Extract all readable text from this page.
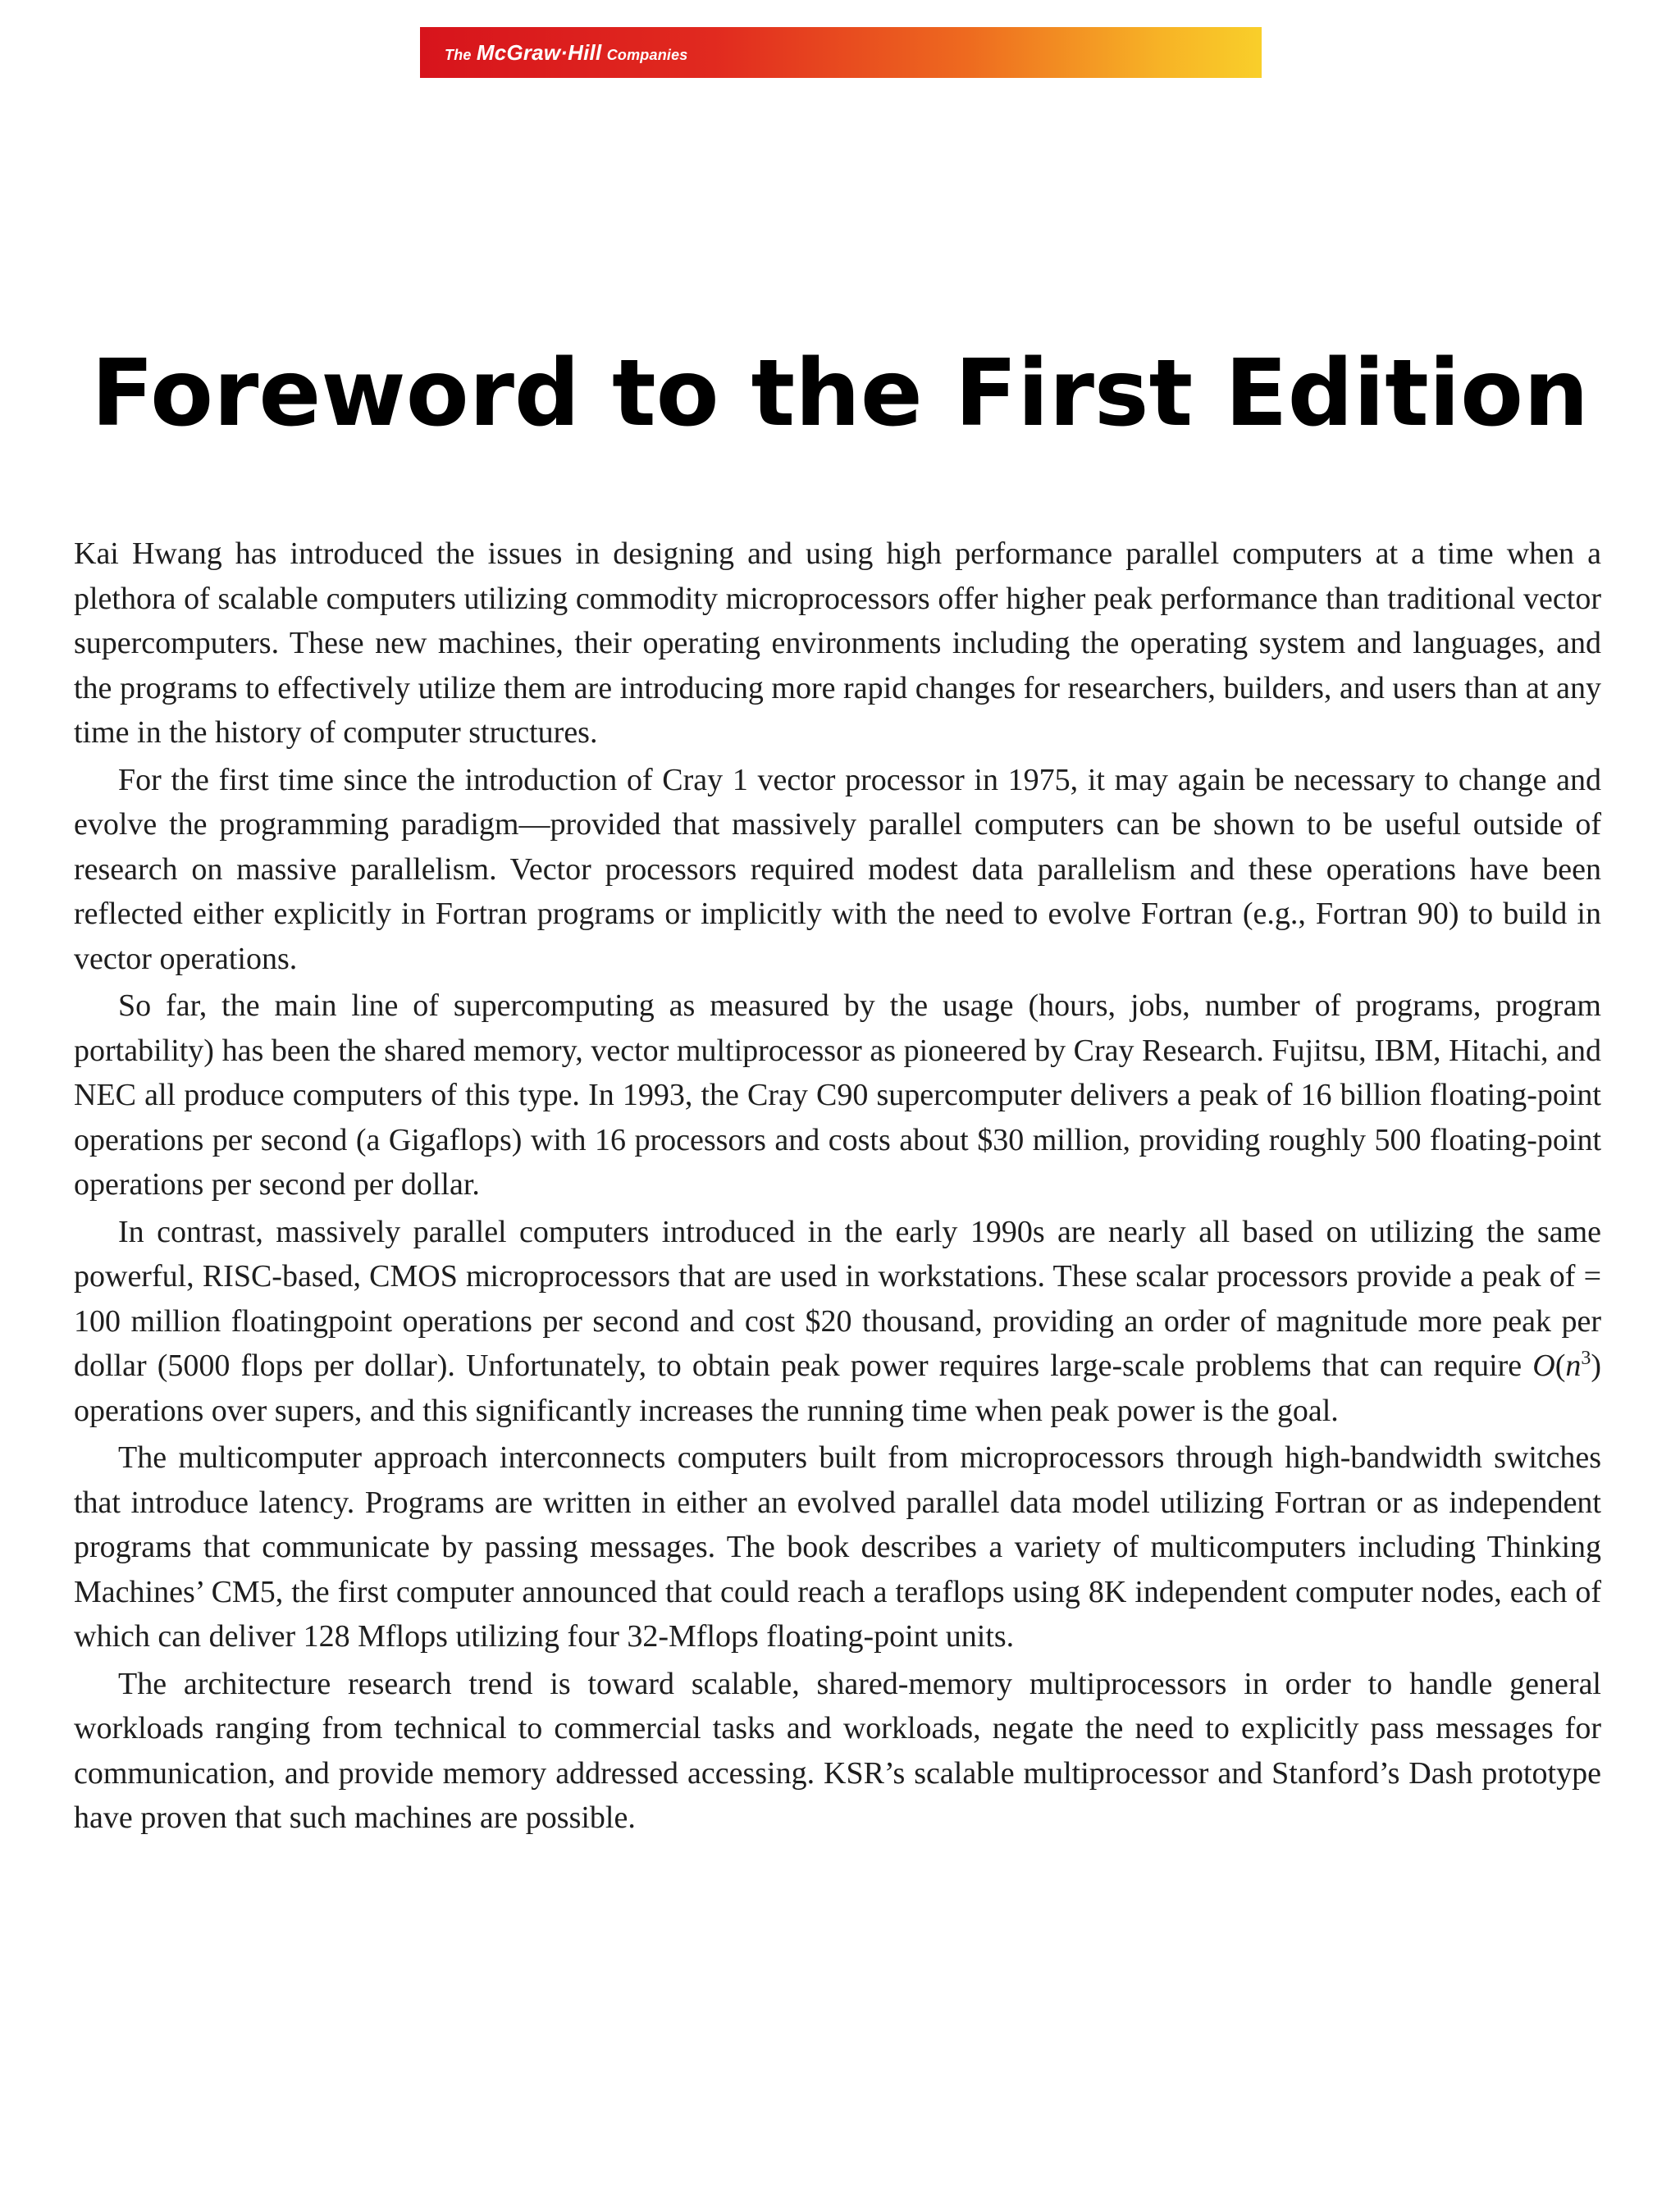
The McGraw·Hill Companies
Foreword to the First Edition

Kai Hwang has introduced the issues in designing and using high performance parallel computers at a time when a plethora of scalable computers utilizing commodity microprocessors offer higher peak performance than traditional vector supercomputers. These new machines, their operating environments including the operating system and languages, and the programs to effectively utilize them are introducing more rapid changes for researchers, builders, and users than at any time in the history of computer structures.

For the first time since the introduction of Cray 1 vector processor in 1975, it may again be necessary to change and evolve the programming paradigm—provided that massively parallel computers can be shown to be useful outside of research on massive parallelism. Vector processors required modest data parallelism and these operations have been reflected either explicitly in Fortran programs or implicitly with the need to evolve Fortran (e.g., Fortran 90) to build in vector operations.

So far, the main line of supercomputing as measured by the usage (hours, jobs, number of programs, program portability) has been the shared memory, vector multiprocessor as pioneered by Cray Research. Fujitsu, IBM, Hitachi, and NEC all produce computers of this type. In 1993, the Cray C90 supercomputer delivers a peak of 16 billion floating-point operations per second (a Gigaflops) with 16 processors and costs about $30 million, providing roughly 500 floating-point operations per second per dollar.

In contrast, massively parallel computers introduced in the early 1990s are nearly all based on utilizing the same powerful, RISC-based, CMOS microprocessors that are used in workstations. These scalar processors provide a peak of = 100 million floatingpoint operations per second and cost $20 thousand, providing an order of magnitude more peak per dollar (5000 flops per dollar). Unfortunately, to obtain peak power requires large-scale problems that can require $O(n^3)$ operations over supers, and this significantly increases the running time when peak power is the goal.

The multicomputer approach interconnects computers built from microprocessors through high-bandwidth switches that introduce latency. Programs are written in either an evolved parallel data model utilizing Fortran or as independent programs that communicate by passing messages. The book describes a variety of multicomputers including Thinking Machines’ CM5, the first computer announced that could reach a teraflops using 8K independent computer nodes, each of which can deliver 128 Mflops utilizing four 32-Mflops floating-point units.

The architecture research trend is toward scalable, shared-memory multiprocessors in order to handle general workloads ranging from technical to commercial tasks and workloads, negate the need to explicitly pass messages for communication, and provide memory addressed accessing. KSR’s scalable multiprocessor and Stanford’s Dash prototype have proven that such machines are possible.
